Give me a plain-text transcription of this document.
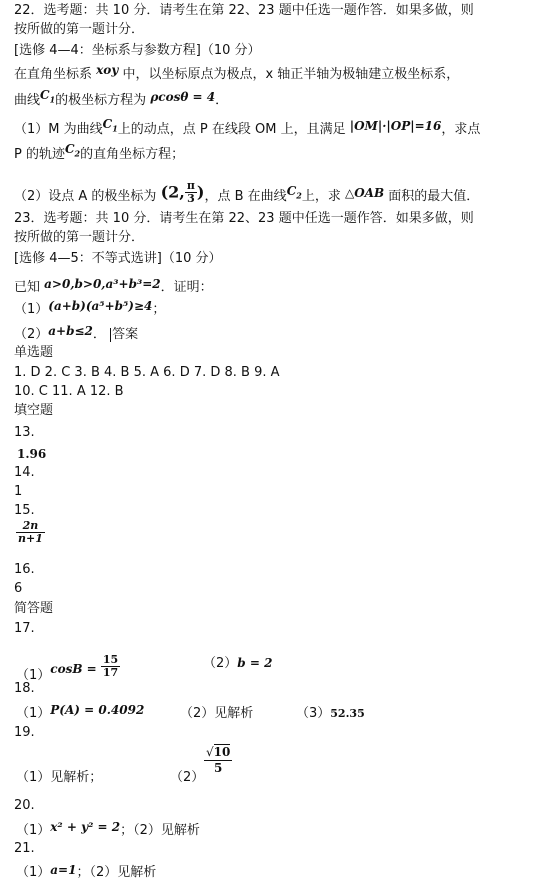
22．选考题：共 10 分．请考生在第 22、23 题中任选一题作答．如果多做，则
按所做的第一题计分．
[选修 4—4：坐标系与参数方程]（10 分）
在直角坐标系 xoy 中，以坐标原点为极点，x 轴正半轴为极轴建立极坐标系，
曲线$C_1$的极坐标方程为 ρcosθ = 4．
（1）M 为曲线$C_1$上的动点，点 P 在线段 OM 上，且满足 |OM|·|OP|=16，求点
P 的轨迹$C_2$的直角坐标方程；
（2）设点 A 的极坐标为 (2, $\frac{\pi}{3}$ )，点 B 在曲线$C_2$上，求 △OAB 面积的最大值．
23．选考题：共 10 分．请考生在第 22、23 题中任选一题作答．如果多做，则
按所做的第一题计分．
[选修 4—5：不等式选讲]（10 分）
已知 a>0,b>0,a³+b³=2．证明：
（1）(a+b)(a⁵+b⁵)≥4；
（2）a+b≤2． 答案
单选题
1. D 2. C 3. B 4. B 5. A 6. D 7. D 8. B 9. A
10. C 11. A 12. B
填空题
13.
1.96
14.
1
15.
$\frac{2n}{n+1}$
16.
6
简答题
17.
$(1)\cos B = \frac{15}{17}$	（2）b = 2
18.
（1）P(A) = 0.4092	（2）见解析	（3）52.35
19.
（1）见解析；	（2）
$\frac{√10}{5}$
20.
（1）x² + y² = 2；（2）见解析
21.
（1）a=1；（2）见解析
